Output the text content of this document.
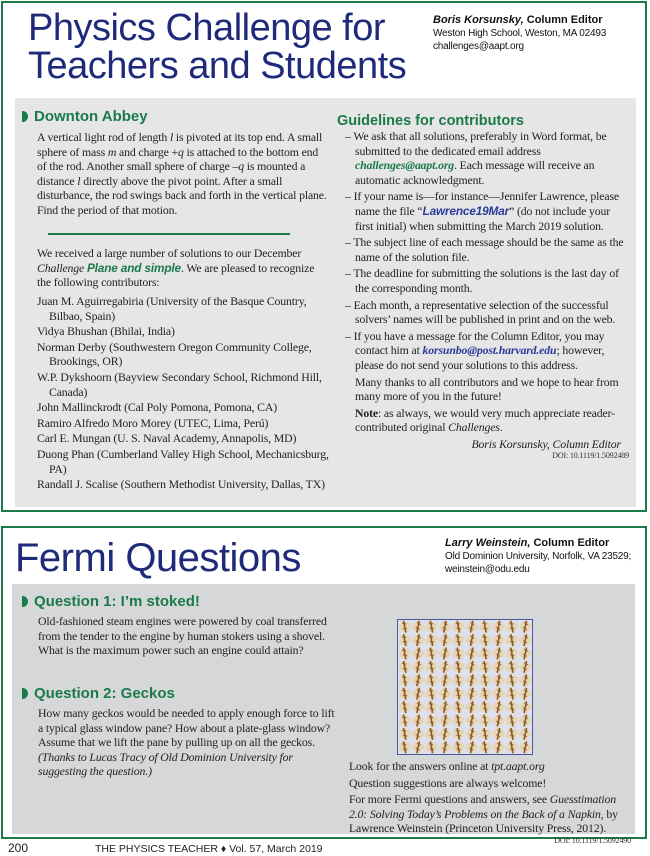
Physics Challenge for Teachers and Students
Boris Korsunsky, Column Editor
Weston High School, Weston, MA 02493
challenges@aapt.org
Downton Abbey

A vertical light rod of length l is pivoted at its top end. A small sphere of mass m and charge +q is attached to the bottom end of the rod. Another small sphere of charge –q is mounted a distance l directly above the pivot point. After a small disturbance, the rod swings back and forth in the vertical plane. Find the period of that motion.

We received a large number of solutions to our December Challenge Plane and simple. We are pleased to recognize the following contributors:

Juan M. Aguirregabiria (University of the Basque Country, Bilbao, Spain)

Vidya Bhushan (Bhilai, India)

Norman Derby (Southwestern Oregon Community College, Brookings, OR)

W.P. Dykshoorn (Bayview Secondary School, Richmond Hill, Canada)

John Mallinckrodt (Cal Poly Pomona, Pomona, CA)

Ramiro Alfredo Moro Morey (UTEC, Lima, Perú)

Carl E. Mungan (U. S. Naval Academy, Annapolis, MD)

Duong Phan (Cumberland Valley High School, Mechanicsburg, PA)

Randall J. Scalise (Southern Methodist University, Dallas, TX)

Guidelines for contributors

– We ask that all solutions, preferably in Word format, be submitted to the dedicated email address challenges@aapt.org. Each message will receive an automatic acknowledgment.

– If your name is—for instance—Jennifer Lawrence, please name the file “Lawrence19Mar” (do not include your first initial) when submitting the March 2019 solution.

– The subject line of each message should be the same as the name of the solution file.

– The deadline for submitting the solutions is the last day of the corresponding month.

– Each month, a representative selection of the successful solvers’ names will be published in print and on the web.

– If you have a message for the Column Editor, you may contact him at korsunbo@post.harvard.edu; however, please do not send your solutions to this address.

Many thanks to all contributors and we hope to hear from many more of you in the future!

Note: as always, we would very much appreciate reader-contributed original Challenges.

Boris Korsunsky, Column Editor

DOI: 10.1119/1.5092489

Fermi Questions	Larry Weinstein, Column Editor
Old Dominion University, Norfolk, VA 23529;
weinstein@odu.edu
Question 1: I’m stoked!
Old-fashioned steam engines were powered by coal transferred from the tender to the engine by human stokers using a shovel. What is the maximum power such an engine could attain?
Question 2: Geckos

How many geckos would be needed to apply enough force to lift a typical glass window pane? How about a plate-glass window? Assume that we lift the pane by pulling up on all the geckos. (Thanks to Lucas Tracy of Old Dominion University for suggesting the question.)	Look for the answers online at tpt.aapt.org

Question suggestions are always welcome!

For more Fermi questions and answers, see Guesstimation 2.0: Solving Today’s Problems on the Back of a Napkin, by Lawrence Weinstein (Princeton University Press, 2012).

DOI: 10.1119/1.5092490

200	THE PHYSICS TEACHER ♦ Vol. 57, March 2019
